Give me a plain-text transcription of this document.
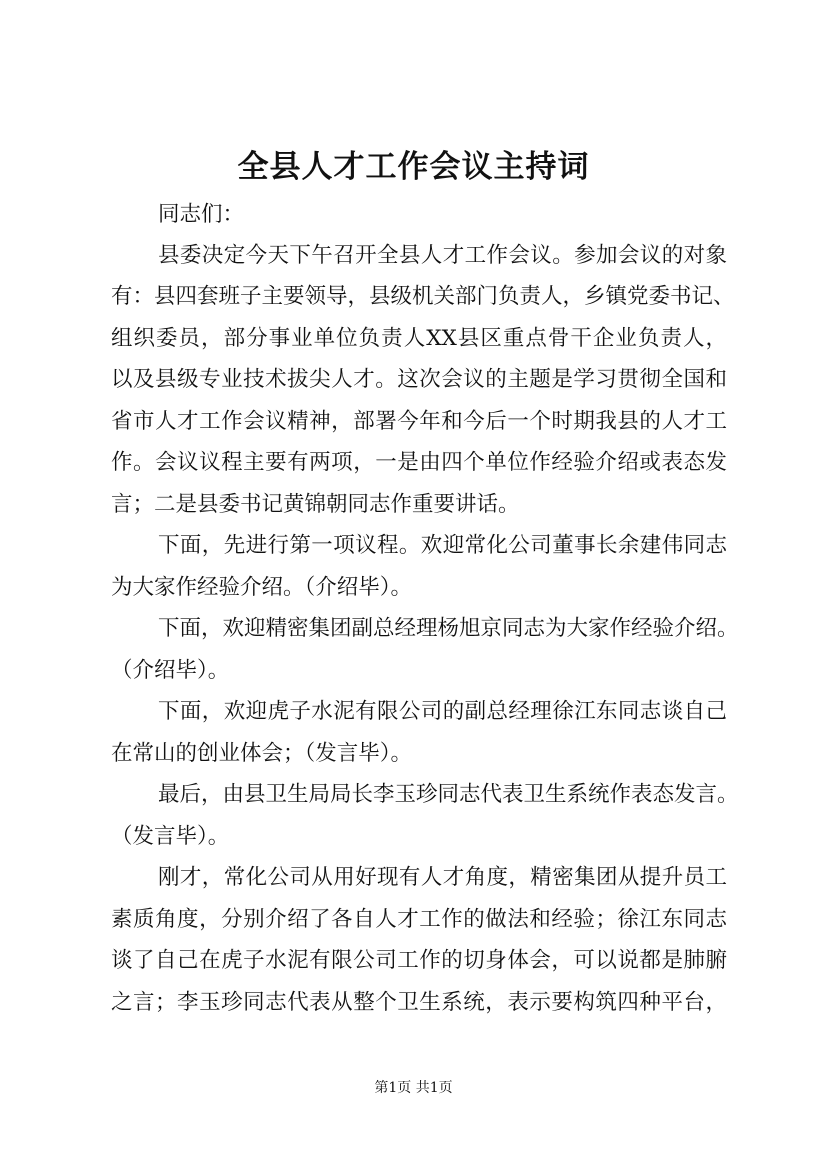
全县人才工作会议主持词
同志们：
县委决定今天下午召开全县人才工作会议。参加会议的对象
有：县四套班子主要领导，县级机关部门负责人，乡镇党委书记、
组织委员，部分事业单位负责人XX县区重点骨干企业负责人，
以及县级专业技术拔尖人才。这次会议的主题是学习贯彻全国和
省市人才工作会议精神，部署今年和今后一个时期我县的人才工
作。会议议程主要有两项，一是由四个单位作经验介绍或表态发
言；二是县委书记黄锦朝同志作重要讲话。
下面，先进行第一项议程。欢迎常化公司董事长余建伟同志
为大家作经验介绍。（介绍毕）。
下面，欢迎精密集团副总经理杨旭京同志为大家作经验介绍。
（介绍毕）。
下面，欢迎虎子水泥有限公司的副总经理徐江东同志谈自己
在常山的创业体会；（发言毕）。
最后，由县卫生局局长李玉珍同志代表卫生系统作表态发言。
（发言毕）。
刚才，常化公司从用好现有人才角度，精密集团从提升员工
素质角度，分别介绍了各自人才工作的做法和经验；徐江东同志
谈了自己在虎子水泥有限公司工作的切身体会，可以说都是肺腑
之言；李玉珍同志代表从整个卫生系统，表示要构筑四种平台，
第1页 共1页
